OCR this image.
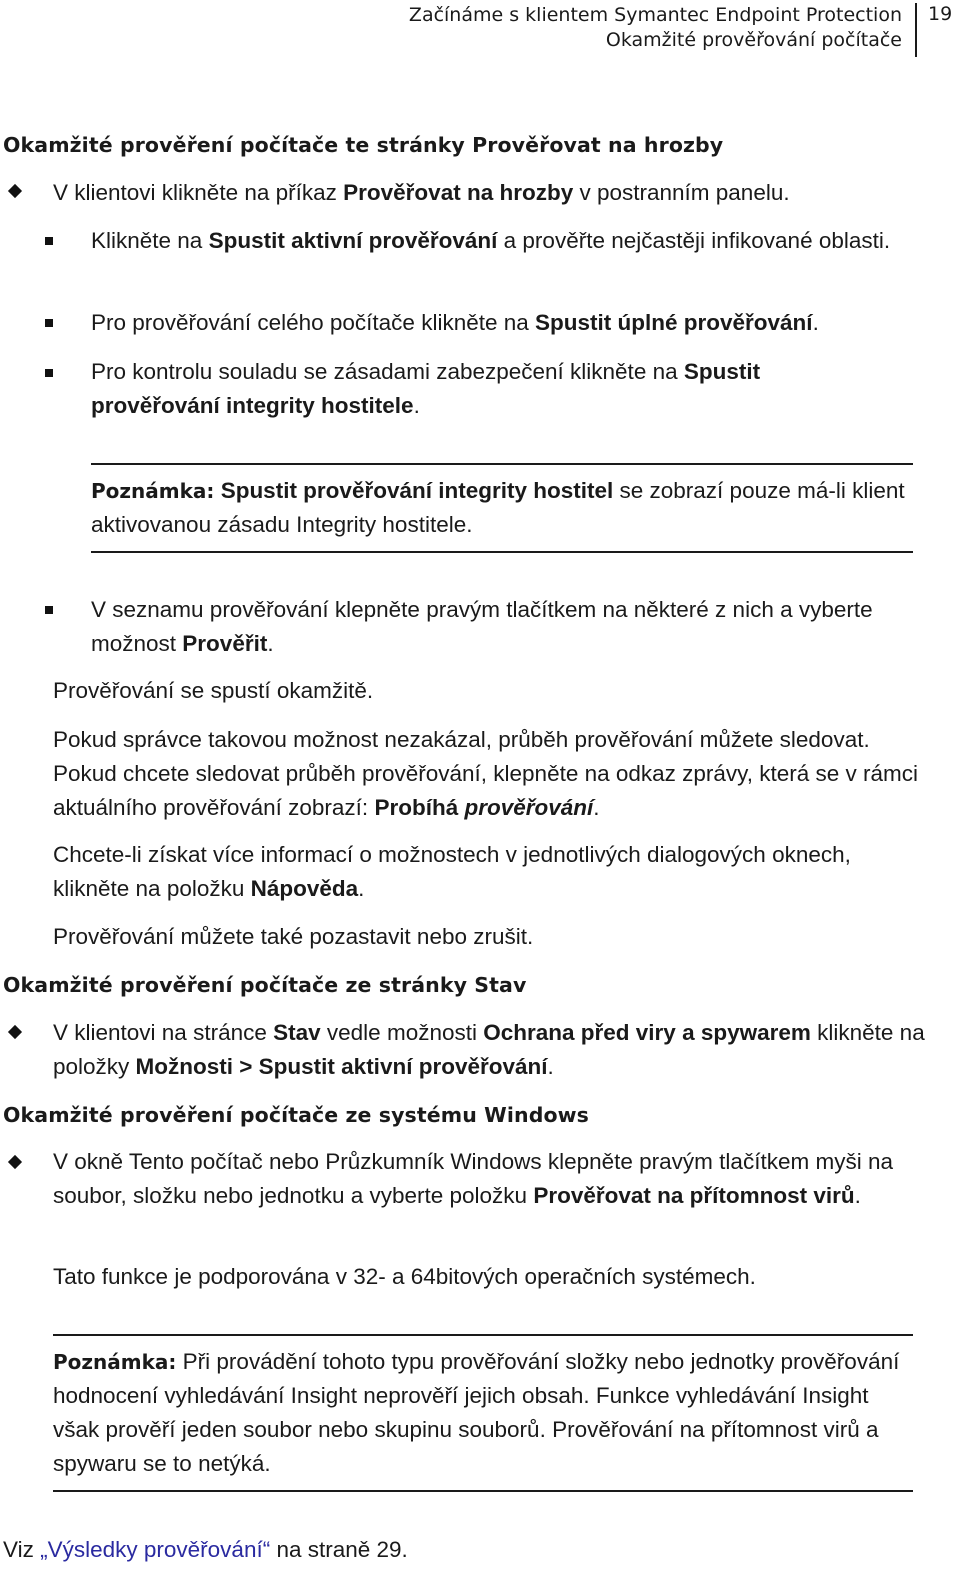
Začínáme s klientem Symantec Endpoint Protection
Okamžité prověřování počítače
19
Okamžité prověření počítače te stránky Prověřovat na hrozby

V klientovi klikněte na příkaz Prověřovat na hrozby v postranním panelu.

Klikněte na Spustit aktivní prověřování a prověřte nejčastěji infikované oblasti.

Pro prověřování celého počítače klikněte na Spustit úplné prověřování.

Pro kontrolu souladu se zásadami zabezpečení klikněte na Spustit prověřování integrity hostitele.

Poznámka: Spustit prověřování integrity hostitel se zobrazí pouze má-li klient aktivovanou zásadu Integrity hostitele.

V seznamu prověřování klepněte pravým tlačítkem na některé z nich a vyberte možnost Prověřit.

Prověřování se spustí okamžitě.

Pokud správce takovou možnost nezakázal, průběh prověřování můžete sledovat. Pokud chcete sledovat průběh prověřování, klepněte na odkaz zprávy, která se v rámci aktuálního prověřování zobrazí: Probíhá prověřování.

Chcete-li získat více informací o možnostech v jednotlivých dialogových oknech, klikněte na položku Nápověda.

Prověřování můžete také pozastavit nebo zrušit.

Okamžité prověření počítače ze stránky Stav

V klientovi na stránce Stav vedle možnosti Ochrana před viry a spywarem klikněte na položky Možnosti > Spustit aktivní prověřování.

Okamžité prověření počítače ze systému Windows

V okně Tento počítač nebo Průzkumník Windows klepněte pravým tlačítkem myši na soubor, složku nebo jednotku a vyberte položku Prověřovat na přítomnost virů.

Tato funkce je podporována v 32- a 64bitových operačních systémech.

Poznámka: Při provádění tohoto typu prověřování složky nebo jednotky prověřování hodnocení vyhledávání Insight neprověří jejich obsah. Funkce vyhledávání Insight však prověří jeden soubor nebo skupinu souborů. Prověřování na přítomnost virů a spywaru se to netýká.

Viz „Výsledky prověřování“ na straně 29.
